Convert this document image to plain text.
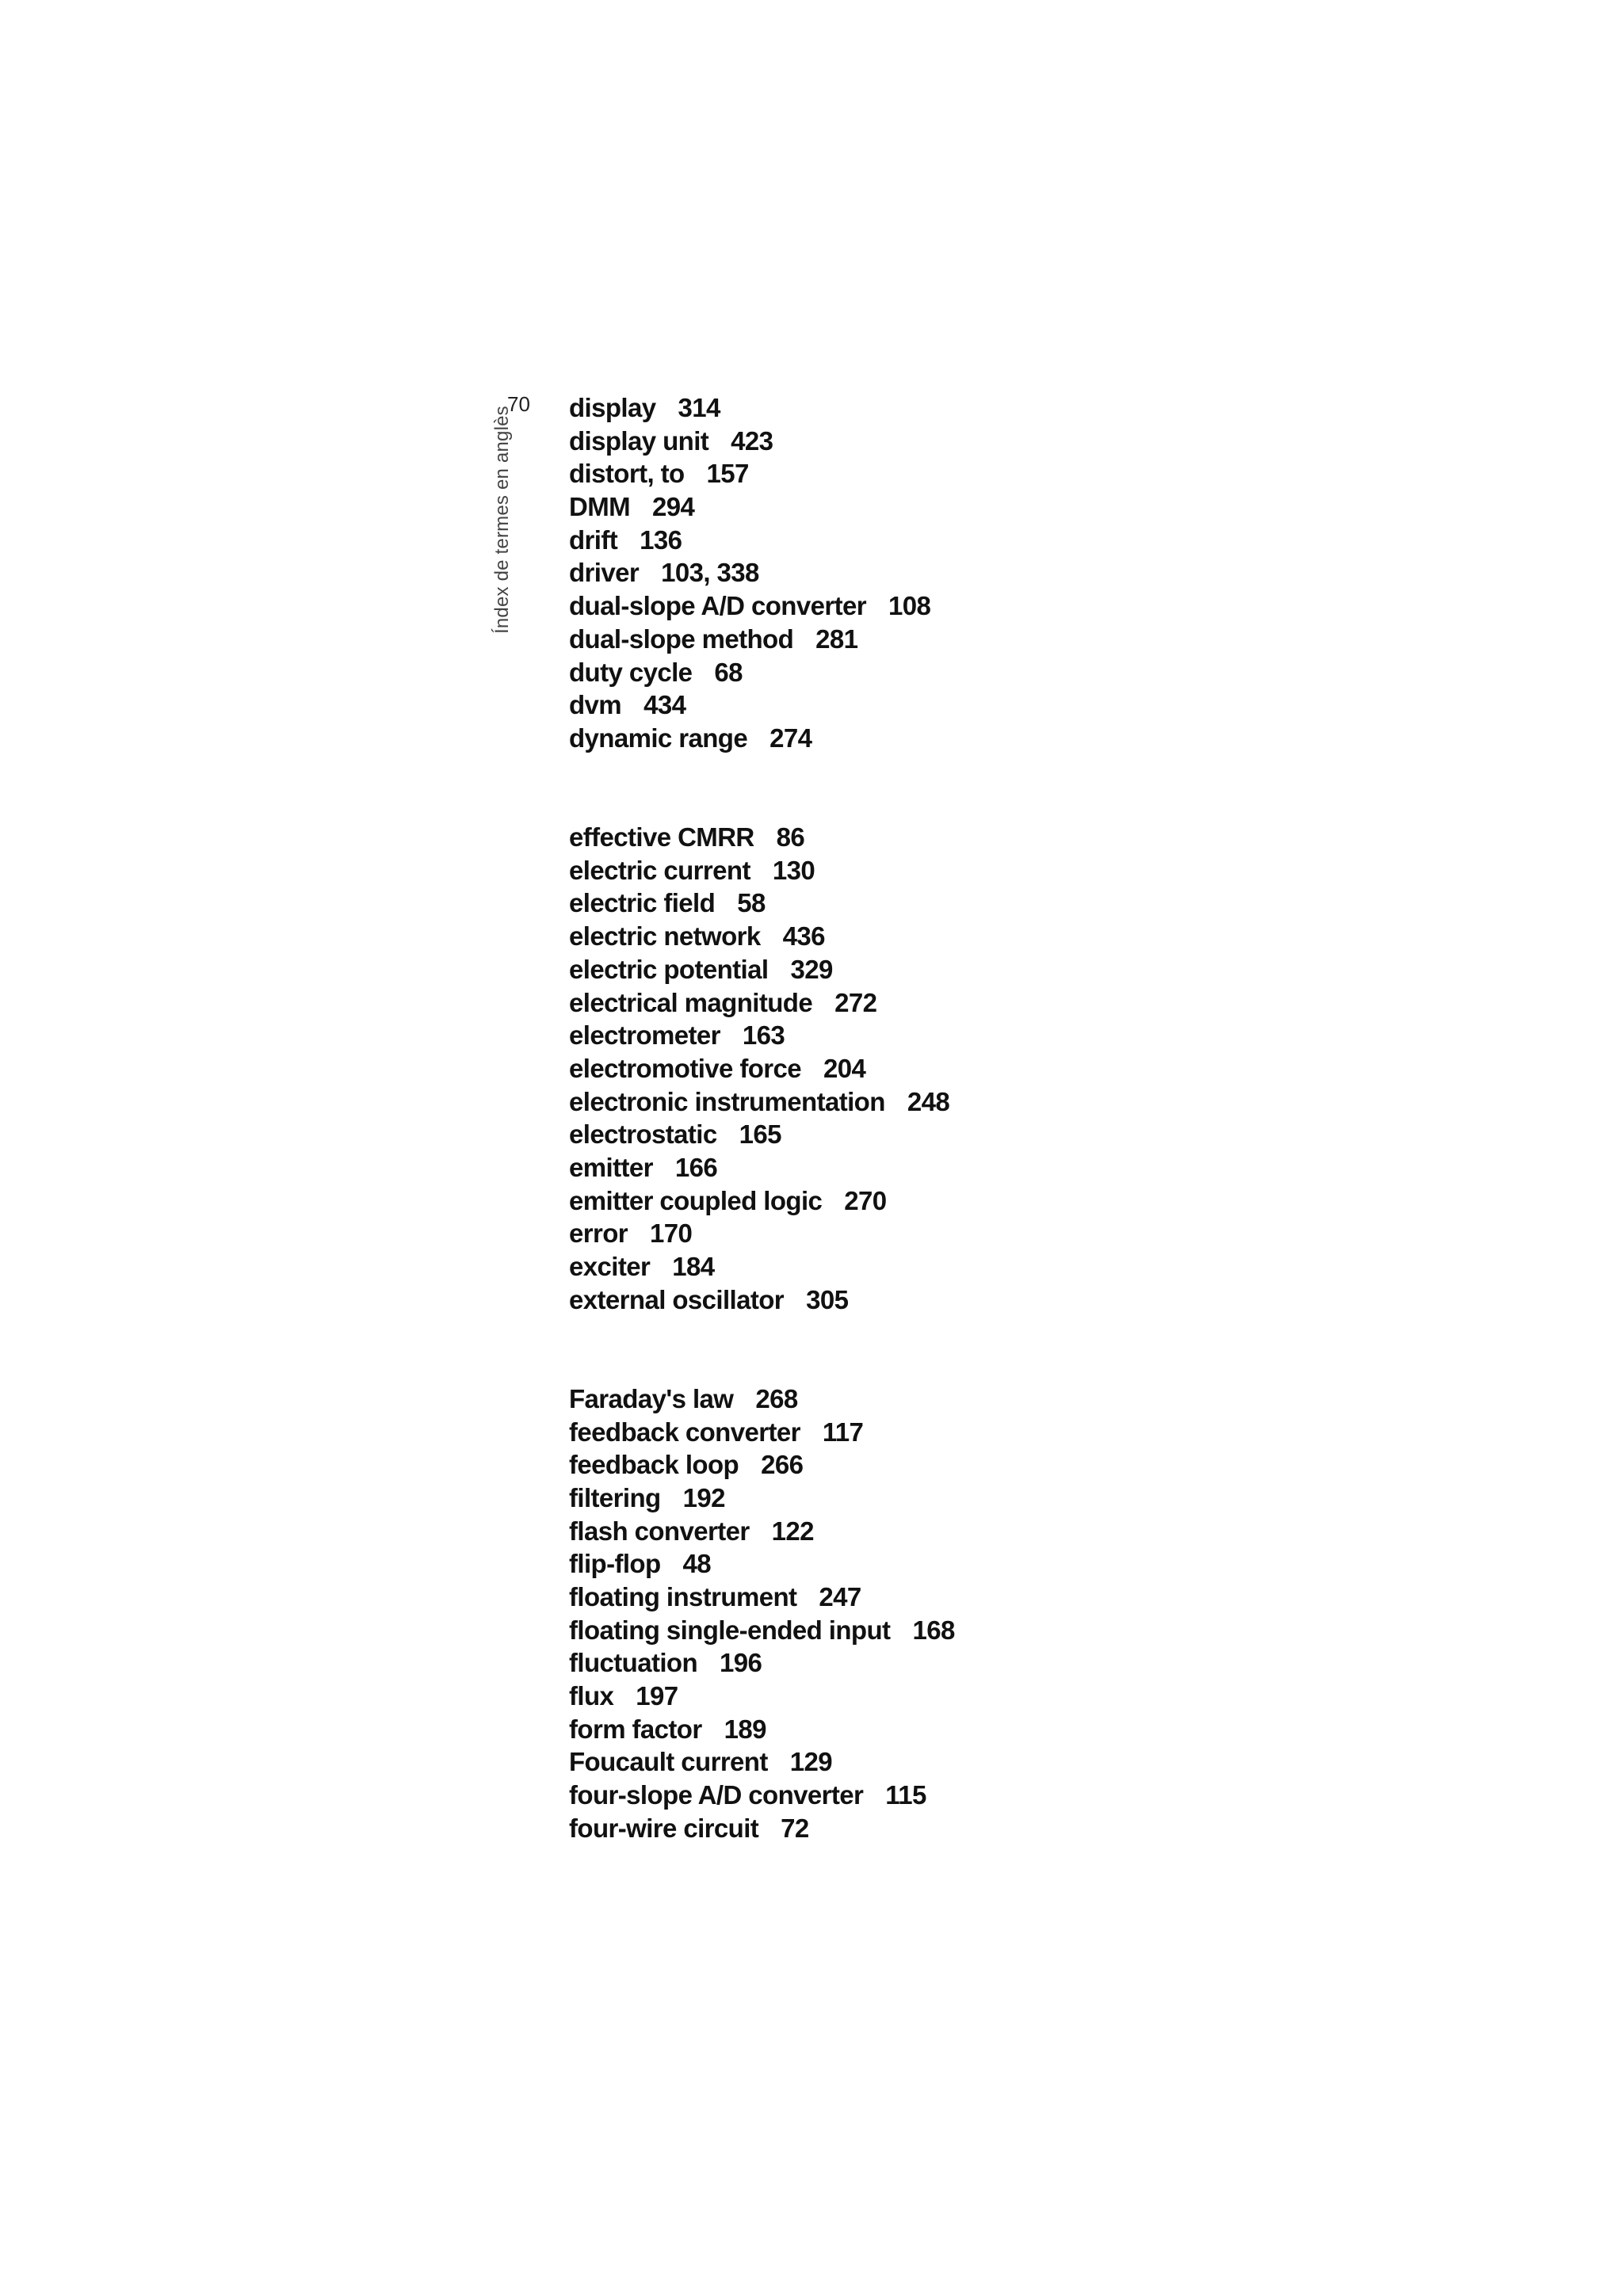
70
Índex de termes en anglès display 314
display unit 423
distort, to 157
DMM 294
drift 136
driver 103, 338
dual-slope A/D converter 108
dual-slope method 281
duty cycle 68
dvm 434
dynamic range 274
effective CMRR 86
electric current 130
electric field 58
electric network 436
electric potential 329
electrical magnitude 272
electrometer 163
electromotive force 204
electronic instrumentation 248
electrostatic 165
emitter 166
emitter coupled logic 270
error 170
exciter 184
external oscillator 305
Faraday's law 268
feedback converter 117
feedback loop 266
filtering 192
flash converter 122
flip-flop 48
floating instrument 247
floating single-ended input 168
fluctuation 196
flux 197
form factor 189
Foucault current 129
four-slope A/D converter 115
four-wire circuit 72
